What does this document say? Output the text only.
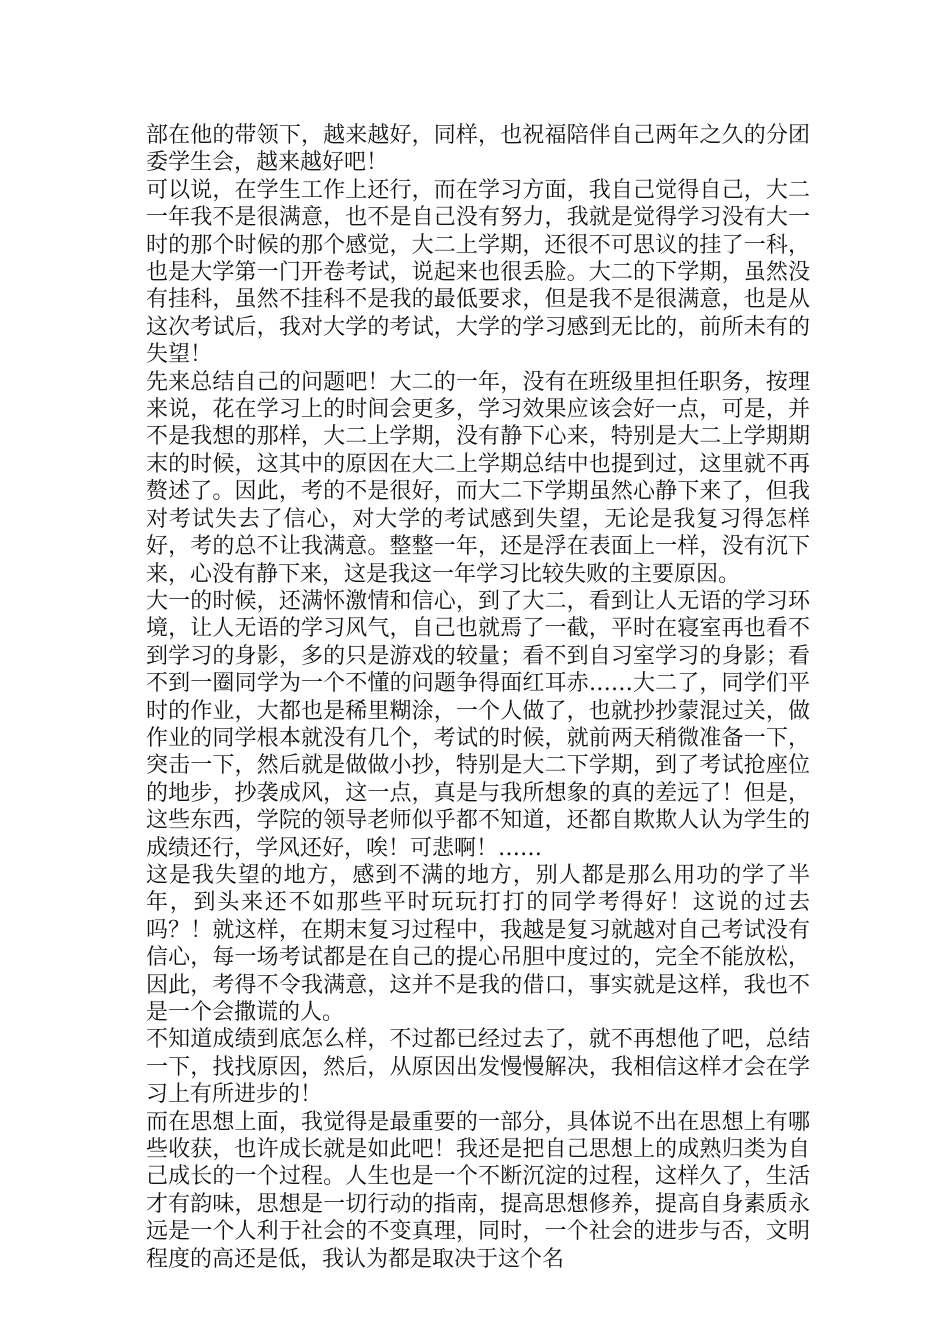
部在他的带领下，越来越好，同样，也祝福陪伴自己两年之久的分团委学生会，越来越好吧！

可以说，在学生工作上还行，而在学习方面，我自己觉得自己，大二一年我不是很满意，也不是自己没有努力，我就是觉得学习没有大一时的那个时候的那个感觉，大二上学期，还很不可思议的挂了一科，也是大学第一门开卷考试，说起来也很丢脸。大二的下学期，虽然没有挂科，虽然不挂科不是我的最低要求，但是我不是很满意，也是从这次考试后，我对大学的考试，大学的学习感到无比的，前所未有的失望！

先来总结自己的问题吧！大二的一年，没有在班级里担任职务，按理来说，花在学习上的时间会更多，学习效果应该会好一点，可是，并不是我想的那样，大二上学期，没有静下心来，特别是大二上学期期末的时候，这其中的原因在大二上学期总结中也提到过，这里就不再赘述了。因此，考的不是很好，而大二下学期虽然心静下来了，但我对考试失去了信心，对大学的考试感到失望，无论是我复习得怎样好，考的总不让我满意。整整一年，还是浮在表面上一样，没有沉下来，心没有静下来，这是我这一年学习比较失败的主要原因。

大一的时候，还满怀激情和信心，到了大二，看到让人无语的学习环境，让人无语的学习风气，自己也就焉了一截，平时在寝室再也看不到学习的身影，多的只是游戏的较量；看不到自习室学习的身影；看不到一圈同学为一个不懂的问题争得面红耳赤……大二了，同学们平时的作业，大都也是稀里糊涂，一个人做了，也就抄抄蒙混过关，做作业的同学根本就没有几个，考试的时候，就前两天稍微准备一下，突击一下，然后就是做做小抄，特别是大二下学期，到了考试抢座位的地步，抄袭成风，这一点，真是与我所想象的真的差远了！但是，这些东西，学院的领导老师似乎都不知道，还都自欺欺人认为学生的成绩还行，学风还好，唉！可悲啊！……

这是我失望的地方，感到不满的地方，别人都是那么用功的学了半年，到头来还不如那些平时玩玩打打的同学考得好！这说的过去吗？！就这样，在期末复习过程中，我越是复习就越对自己考试没有信心，每一场考试都是在自己的提心吊胆中度过的，完全不能放松，因此，考得不令我满意，这并不是我的借口，事实就是这样，我也不是一个会撒谎的人。

不知道成绩到底怎么样，不过都已经过去了，就不再想他了吧，总结一下，找找原因，然后，从原因出发慢慢解决，我相信这样才会在学习上有所进步的！

而在思想上面，我觉得是最重要的一部分，具体说不出在思想上有哪些收获，也许成长就是如此吧！我还是把自己思想上的成熟归类为自己成长的一个过程。人生也是一个不断沉淀的过程，这样久了，生活才有韵味，思想是一切行动的指南，提高思想修养，提高自身素质永远是一个人利于社会的不变真理，同时，一个社会的进步与否，文明程度的高还是低，我认为都是取决于这个名
